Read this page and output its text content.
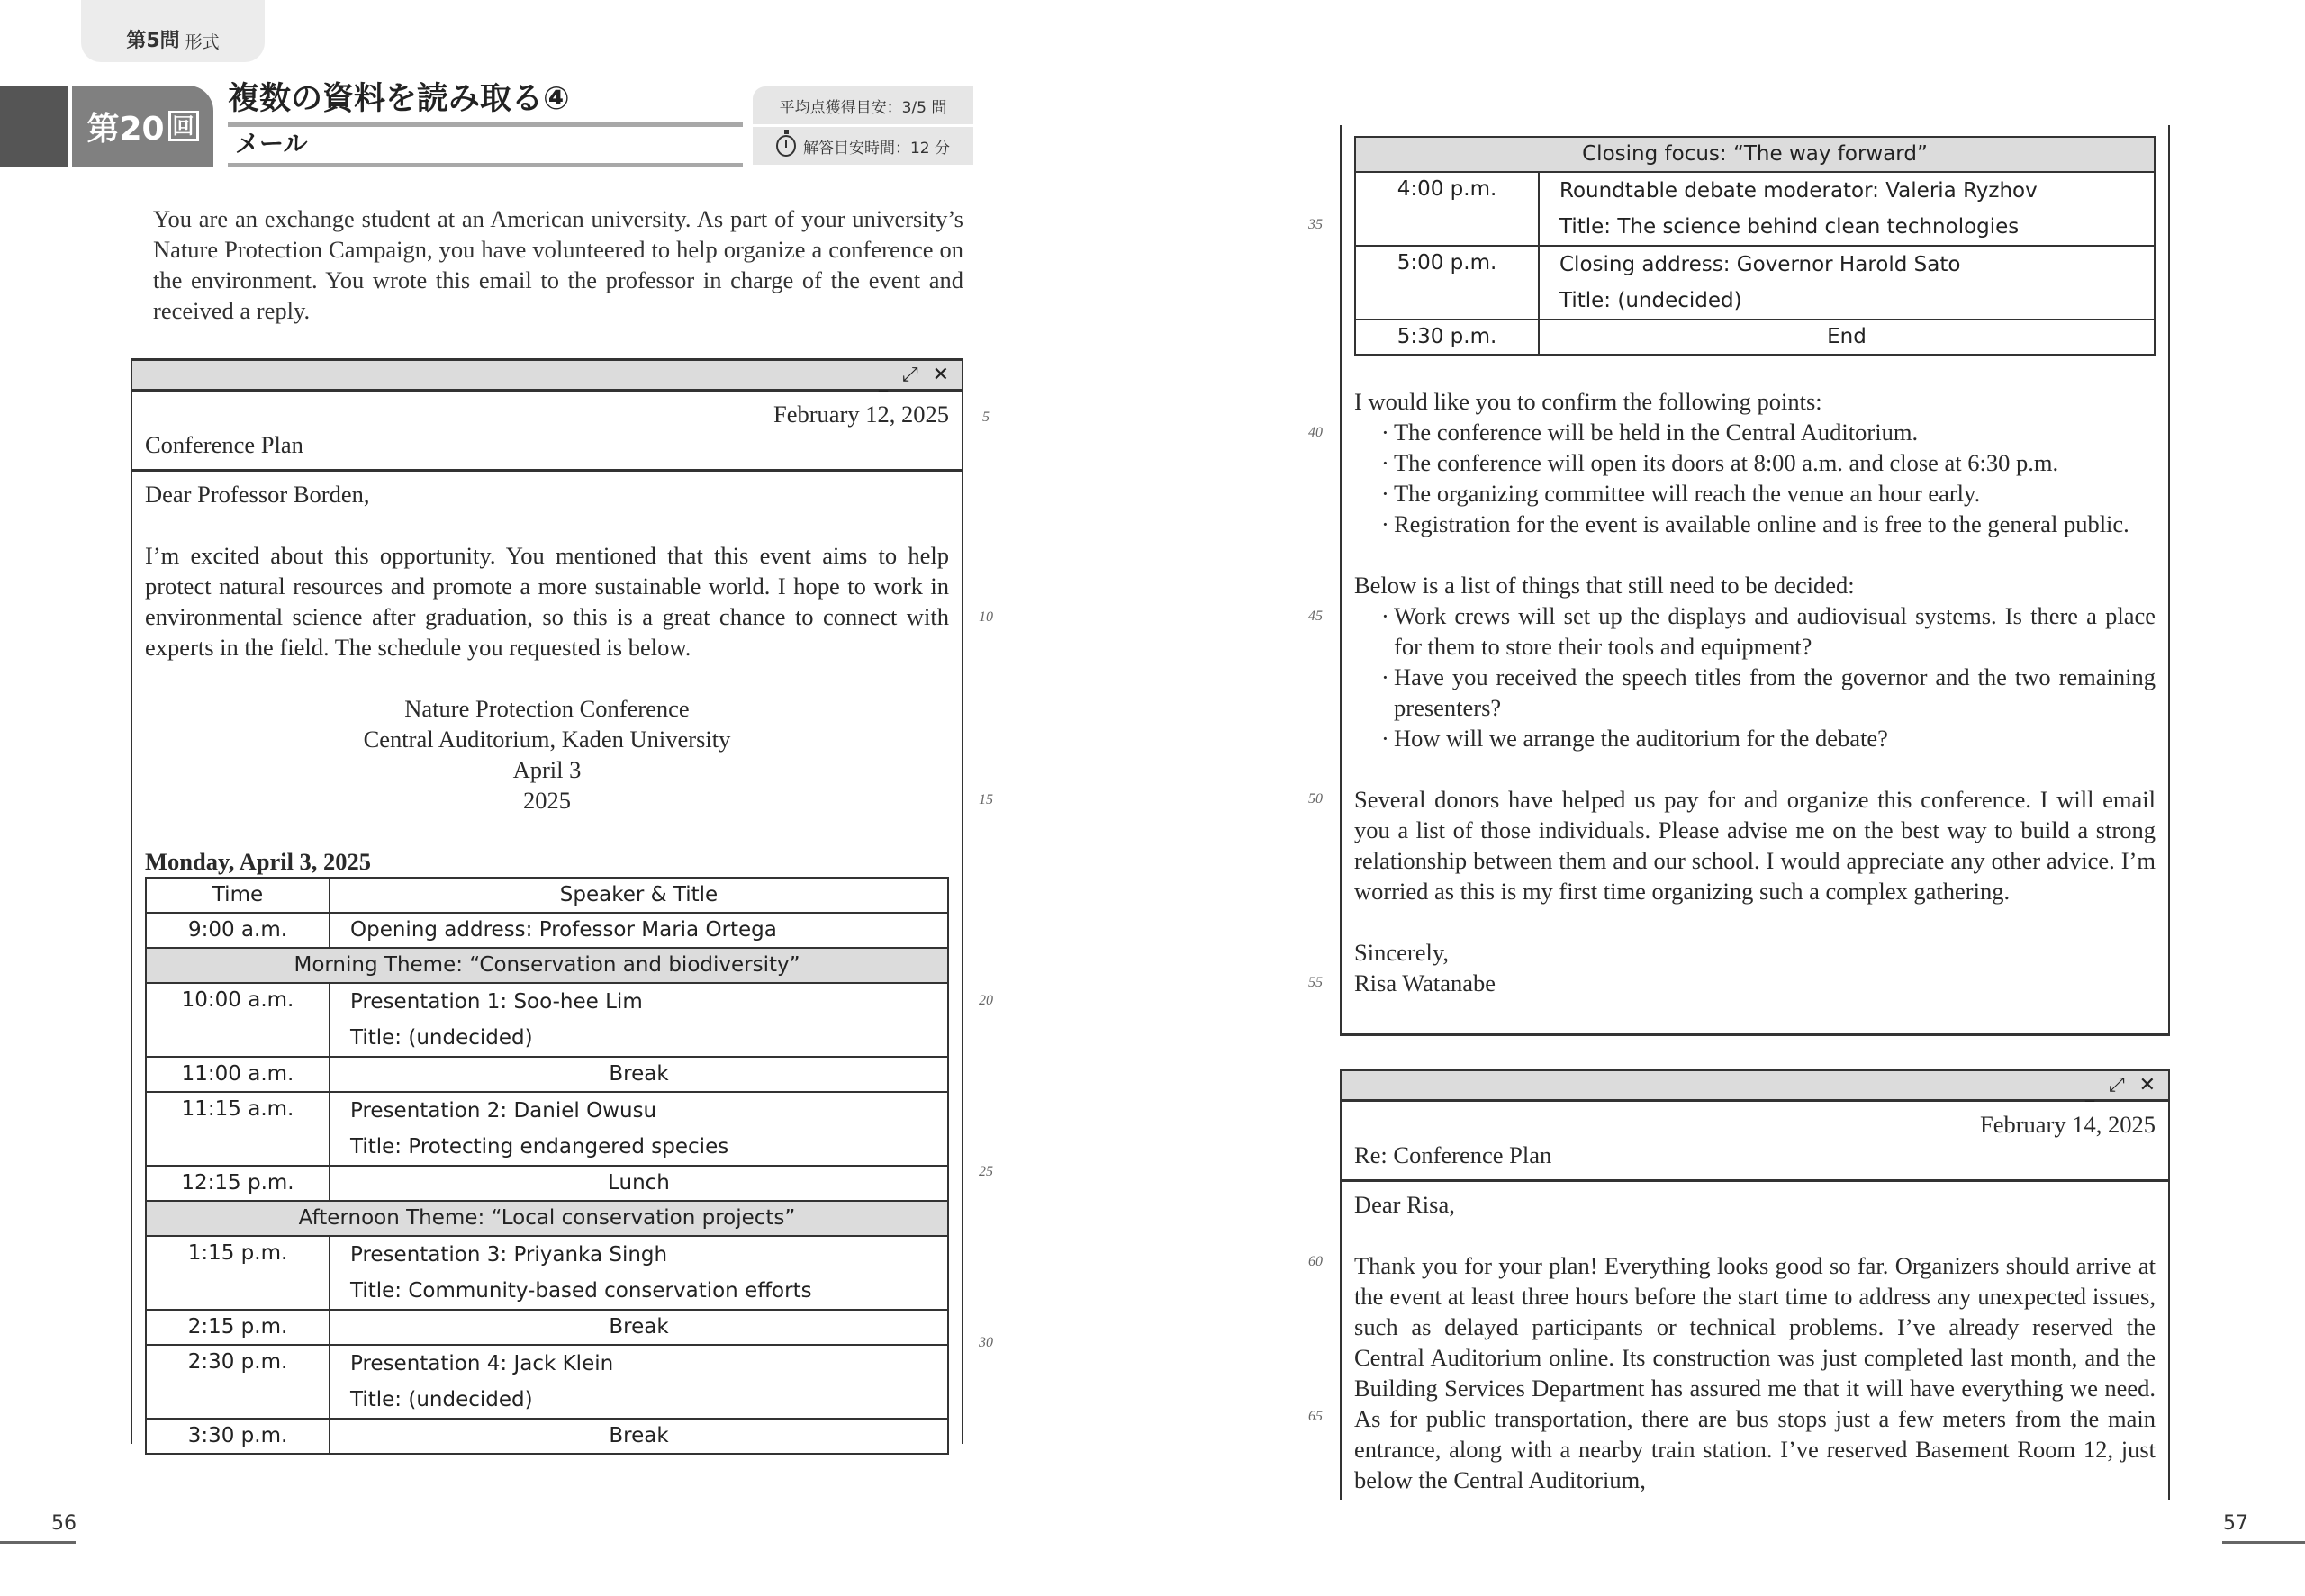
第5問 形式
第20 回
複数の資料を読み取る④
メール
平均点獲得目安：3/5 問
解答目安時間：12 分

You are an exchange student at an American university. As part of your university’s Nature Protection Campaign, you have volunteered to help organize a conference on the environment. You wrote this email to the professor in charge of the event and received a reply.

_ ⤢ ✕
February 12, 2025
Conference Plan
Dear Professor Borden,

I’m excited about this opportunity. You mentioned that this event aims to help protect natural resources and promote a more sustainable world. I hope to work in environmental science after graduation, so this is a great chance to connect with experts in the field. The schedule you requested is below.

Nature Protection Conference
Central Auditorium, Kaden University
April 3
2025
Monday, April 3, 2025
Time	Speaker & Title
9:00 a.m.	Opening address: Professor Maria Ortega

Morning Theme: “Conservation and biodiversity”	
10:00 a.m.	Presentation 1: Soo-hee Lim
Title: (undecided)

11:00 a.m.	Break
11:15 a.m.	Presentation 2: Daniel Owusu
Title: Protecting endangered species

12:15 p.m.	Lunch
Afternoon Theme: “Local conservation projects”	
1:15 p.m.	Presentation 3: Priyanka Singh
Title: Community-based conservation efforts

2:15 p.m.	Break
2:30 p.m.	Presentation 4: Jack Klein
Title: (undecided)

3:30 p.m.	Break
5
10
15
20
25
30
Closing focus: “The way forward”	
4:00 p.m.	Roundtable debate moderator: Valeria Ryzhov
Title: The science behind clean technologies

5:00 p.m.	Closing address: Governor Harold Sato
Title: (undecided)

5:30 p.m.	End
I would like you to confirm the following points:
· The conference will be held in the Central Auditorium.
· The conference will open its doors at 8:00 a.m. and close at 6:30 p.m.
· The organizing committee will reach the venue an hour early.
· Registration for the event is available online and is free to the general public.
Below is a list of things that still need to be decided:
· Work crews will set up the displays and audiovisual systems. Is there a place for them to store their tools and equipment?
· Have you received the speech titles from the governor and the two remaining presenters?
· How will we arrange the auditorium for the debate?

Several donors have helped us pay for and organize this conference. I will email you a list of those individuals. Please advise me on the best way to build a strong relationship between them and our school. I would appreciate any other advice. I’m worried as this is my first time organizing such a complex gathering.

Sincerely,
Risa Watanabe
_ ⤢ ✕
February 14, 2025
Re: Conference Plan
Dear Risa,

Thank you for your plan! Everything looks good so far. Organizers should arrive at the event at least three hours before the start time to address any unexpected issues, such as delayed participants or technical problems. I’ve already reserved the Central Auditorium online. Its construction was just completed last month, and the Building Services Department has assured me that it will have everything we need. As for public transportation, there are bus stops just a few meters from the main entrance, along with a nearby train station. I’ve reserved Basement Room 12, just below the Central Auditorium,

35
40
45
50
55
60
65
56	57
